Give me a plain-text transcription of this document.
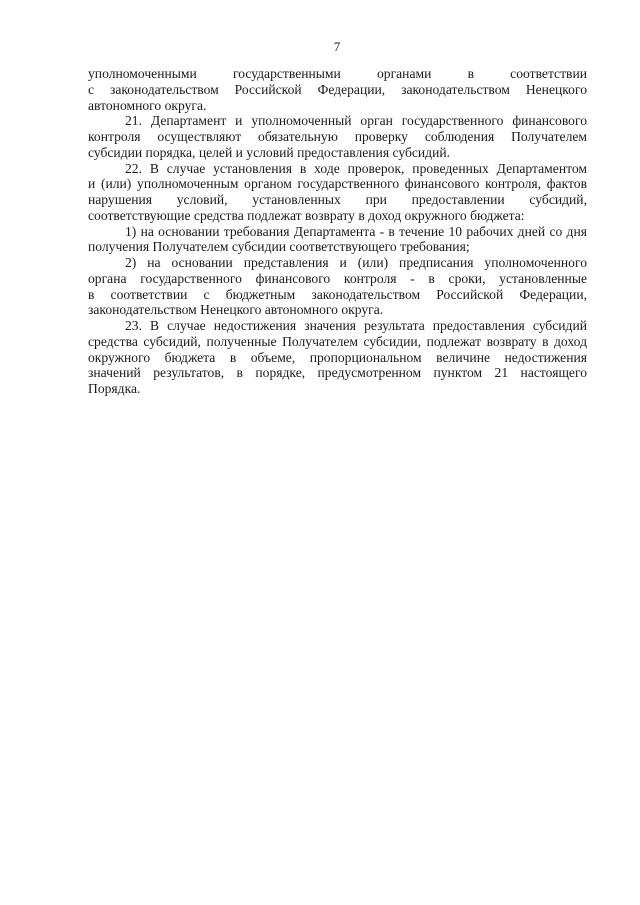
7
уполномоченными государственными органами в соответствии
с законодательством Российской Федерации, законодательством Ненецкого
автономного округа.
21. Департамент и уполномоченный орган государственного финансового
контроля осуществляют обязательную проверку соблюдения Получателем
субсидии порядка, целей и условий предоставления субсидий.
22. В случае установления в ходе проверок, проведенных Департаментом
и (или) уполномоченным органом государственного финансового контроля, фактов
нарушения условий, установленных при предоставлении субсидий,
соответствующие средства подлежат возврату в доход окружного бюджета:
1) на основании требования Департамента - в течение 10 рабочих дней со дня
получения Получателем субсидии соответствующего требования;
2) на основании представления и (или) предписания уполномоченного
органа государственного финансового контроля - в сроки, установленные
в соответствии с бюджетным законодательством Российской Федерации,
законодательством Ненецкого автономного округа.
23. В случае недостижения значения результата предоставления субсидий
средства субсидий, полученные Получателем субсидии, подлежат возврату в доход
окружного бюджета в объеме, пропорциональном величине недостижения
значений результатов, в порядке, предусмотренном пунктом 21 настоящего
Порядка.
